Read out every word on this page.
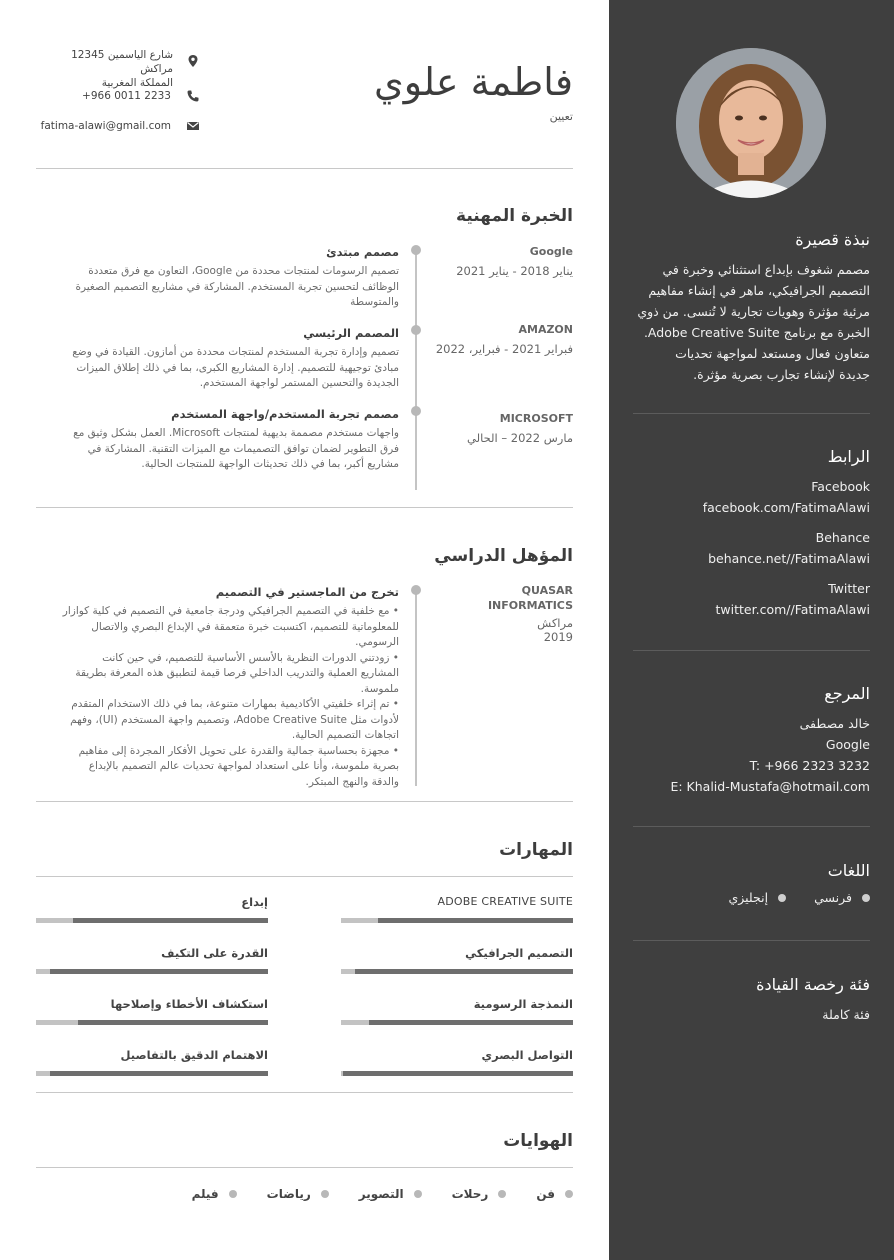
نبذة قصيرة
مصمم شغوف بإبداع استثنائي وخبرة في
التصميم الجرافيكي، ماهر في إنشاء مفاهيم
مرئية مؤثرة وهويات تجارية لا تُنسى. من ذوي
الخبرة مع برنامج Adobe Creative Suite.
متعاون فعال ومستعد لمواجهة تحديات
جديدة لإنشاء تجارب بصرية مؤثرة.
الرابط
Facebook
facebook.com/FatimaAlawi
Behance
behance.net//FatimaAlawi
Twitter
twitter.com//FatimaAlawi
المرجع
خالد مصطفى
Google
T: +966 2323 3232
E: Khalid-Mustafa@hotmail.com
اللغات
فرنسي
إنجليزي
فئة رخصة القيادة
فئة كاملة
فاطمة علوي
تعيين
12345 شارع الياسمين مراكش
المملكة المغربية
+966 0011 2233
fatima-alawi@gmail.com
الخبرة المهنية
Google
يناير 2018 - يناير 2021
مصمم مبتدئ
تصميم الرسومات لمنتجات محددة من Google، التعاون مع فرق متعددة
الوظائف لتحسين تجربة المستخدم. المشاركة في مشاريع التصميم الصغيرة
والمتوسطة
AMAZON
فبراير 2021 - فبراير، 2022
المصمم الرئيسي
تصميم وإدارة تجربة المستخدم لمنتجات محددة من أمازون. القيادة في وضع
مبادئ توجيهية للتصميم. إدارة المشاريع الكبرى، بما في ذلك إطلاق الميزات
الجديدة والتحسين المستمر لواجهة المستخدم.
MICROSOFT
مارس 2022 – الحالي
مصمم تجربة المستخدم/واجهة المستخدم
واجهات مستخدم مصممة بديهية لمنتجات Microsoft. العمل بشكل وثيق مع
فرق التطوير لضمان توافق التصميمات مع الميزات التقنية. المشاركة في
مشاريع أكبر، بما في ذلك تحديثات الواجهة للمنتجات الحالية.
المؤهل الدراسي
QUASAR
INFORMATICS
مراكش
2019
تخرج من الماجستير في التصميم
• مع خلفية في التصميم الجرافيكي ودرجة جامعية في التصميم في كلية كوازار
للمعلوماتية للتصميم، اكتسبت خبرة متعمقة في الإبداع البصري والاتصال
الرسومي.
• زودتني الدورات النظرية بالأسس الأساسية للتصميم، في حين كانت
المشاريع العملية والتدريب الداخلي فرصا قيمة لتطبيق هذه المعرفة بطريقة
ملموسة.
• تم إثراء خلفيتي الأكاديمية بمهارات متنوعة، بما في ذلك الاستخدام المتقدم
لأدوات مثل Adobe Creative Suite، وتصميم واجهة المستخدم (UI)، وفهم
اتجاهات التصميم الحالية.
• مجهزة بحساسية جمالية والقدرة على تحويل الأفكار المجردة إلى مفاهيم
بصرية ملموسة، وأنا على استعداد لمواجهة تحديات عالم التصميم بالإبداع
والدقة والنهج المبتكر.
المهارات
ADOBE CREATIVE SUITE
إبداع
التصميم الجرافيكي
القدرة على التكيف
النمذجة الرسومية
استكشاف الأخطاء وإصلاحها
التواصل البصري
الاهتمام الدقيق بالتفاصيل
الهوايات
فن
رحلات
التصوير
رياضات
فيلم
